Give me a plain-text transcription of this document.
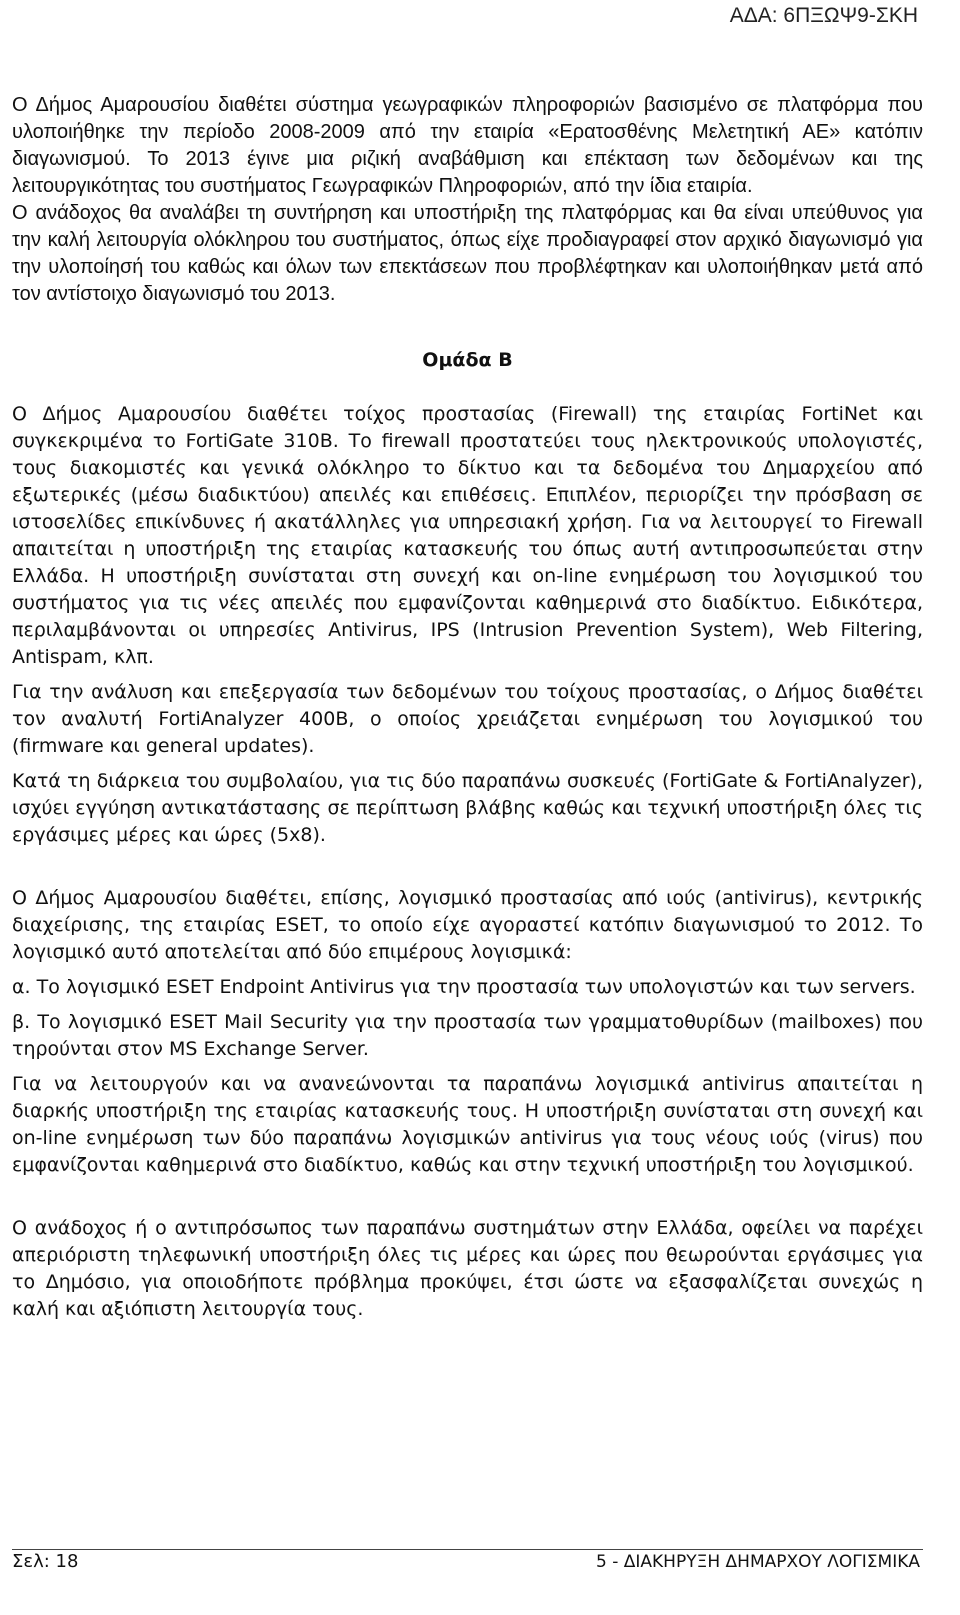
ΑΔΑ: 6ΠΞΩΨ9-ΣΚΗ

Ο Δήμος Αμαρουσίου διαθέτει σύστημα γεωγραφικών πληροφοριών βασισμένο σε πλατφόρμα που υλοποιήθηκε την περίοδο 2008-2009 από την εταιρία «Ερατοσθένης Μελετητική ΑΕ» κατόπιν διαγωνισμού. Το 2013 έγινε μια ριζική αναβάθμιση και επέκταση των δεδομένων και της λειτουργικότητας του συστήματος Γεωγραφικών Πληροφοριών, από την ίδια εταιρία.

Ο ανάδοχος θα αναλάβει τη συντήρηση και υποστήριξη της πλατφόρμας και θα είναι υπεύθυνος για την καλή λειτουργία ολόκληρου του συστήματος, όπως είχε προδιαγραφεί στον αρχικό διαγωνισμό για την υλοποίησή του καθώς και όλων των επεκτάσεων που προβλέφτηκαν και υλοποιήθηκαν μετά από τον αντίστοιχο διαγωνισμό του 2013.

Ομάδα Β

Ο Δήμος Αμαρουσίου διαθέτει τοίχος προστασίας (Firewall) της εταιρίας FortiNet και συγκεκριμένα το FortiGate 310B. Το firewall προστατεύει τους ηλεκτρονικούς υπολογιστές, τους διακομιστές και γενικά ολόκληρο το δίκτυο και τα δεδομένα του Δημαρχείου από εξωτερικές (μέσω διαδικτύου) απειλές και επιθέσεις. Επιπλέον, περιορίζει την πρόσβαση σε ιστοσελίδες επικίνδυνες ή ακατάλληλες για υπηρεσιακή χρήση. Για να λειτουργεί το Firewall απαιτείται η υποστήριξη της εταιρίας κατασκευής του όπως αυτή αντιπροσωπεύεται στην Ελλάδα. Η υποστήριξη συνίσταται στη συνεχή και on-line ενημέρωση του λογισμικού του συστήματος για τις νέες απειλές που εμφανίζονται καθημερινά στο διαδίκτυο. Ειδικότερα, περιλαμβάνονται οι υπηρεσίες Antivirus, IPS (Intrusion Prevention System), Web Filtering, Antispam, κλπ.

Για την ανάλυση και επεξεργασία των δεδομένων του τοίχους προστασίας, ο Δήμος διαθέτει τον αναλυτή FortiAnalyzer 400B, ο οποίος χρειάζεται ενημέρωση του λογισμικού του (firmware και general updates).

Κατά τη διάρκεια του συμβολαίου, για τις δύο παραπάνω συσκευές (FortiGate & FortiAnalyzer), ισχύει εγγύηση αντικατάστασης σε περίπτωση βλάβης καθώς και τεχνική υποστήριξη όλες τις εργάσιμες μέρες και ώρες (5x8).

Ο Δήμος Αμαρουσίου διαθέτει, επίσης, λογισμικό προστασίας από ιούς (antivirus), κεντρικής διαχείρισης, της εταιρίας ESET, το οποίο είχε αγοραστεί κατόπιν διαγωνισμού το 2012. Το λογισμικό αυτό αποτελείται από δύο επιμέρους λογισμικά:

α. Το λογισμικό ESET Endpoint Antivirus για την προστασία των υπολογιστών και των servers.

β. Το λογισμικό ESET Mail Security για την προστασία των γραμματοθυρίδων (mailboxes) που τηρούνται στον MS Exchange Server.

Για να λειτουργούν και να ανανεώνονται τα παραπάνω λογισμικά antivirus απαιτείται η διαρκής υποστήριξη της εταιρίας κατασκευής τους. Η υποστήριξη συνίσταται στη συνεχή και on-line ενημέρωση των δύο παραπάνω λογισμικών antivirus για τους νέους ιούς (virus) που εμφανίζονται καθημερινά στο διαδίκτυο, καθώς και στην τεχνική υποστήριξη του λογισμικού.

Ο ανάδοχος ή ο αντιπρόσωπος των παραπάνω συστημάτων στην Ελλάδα, οφείλει να παρέχει απεριόριστη τηλεφωνική υποστήριξη όλες τις μέρες και ώρες που θεωρούνται εργάσιμες για το Δημόσιο, για οποιοδήποτε πρόβλημα προκύψει, έτσι ώστε να εξασφαλίζεται συνεχώς η καλή και αξιόπιστη λειτουργία τους.

Σελ: 18	5 - ΔΙΑΚΗΡΥΞΗ ΔΗΜΑΡΧΟΥ ΛΟΓΙΣΜΙΚΑ
